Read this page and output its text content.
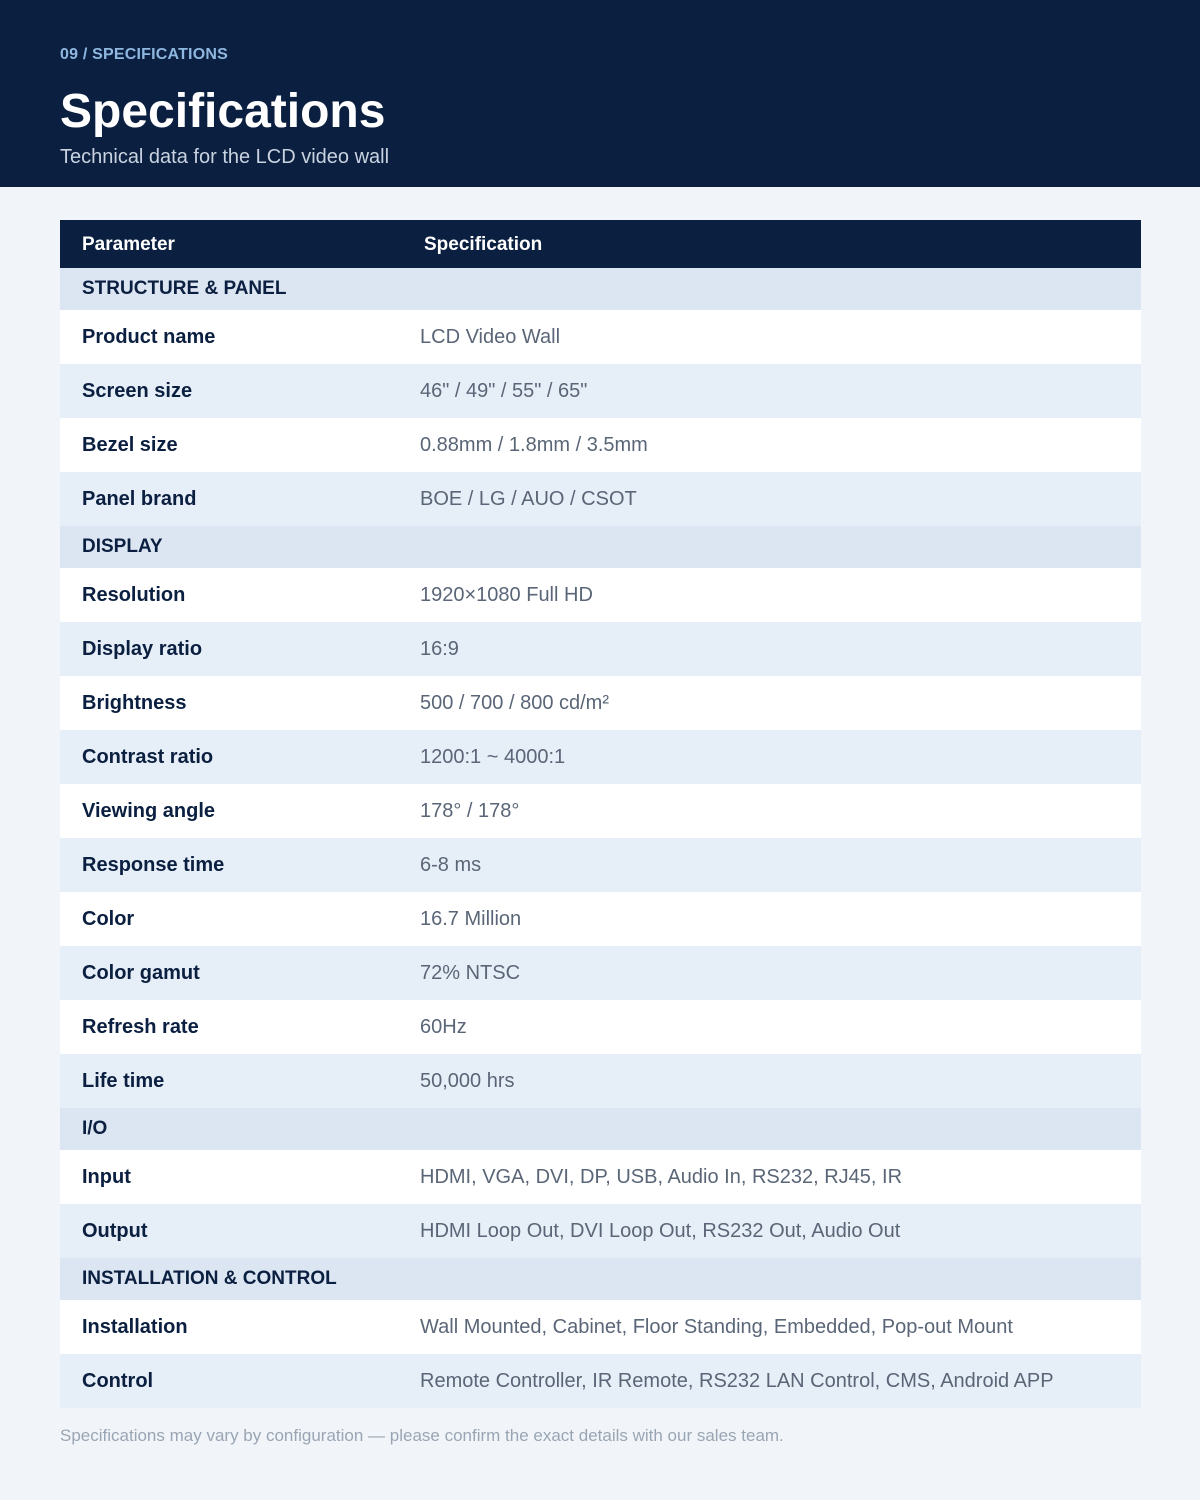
09 / SPECIFICATIONS
Specifications
Technical data for the LCD video wall
Parameter	Specification
STRUCTURE & PANEL
Product name	LCD Video Wall
Screen size	46" / 49" / 55" / 65"
Bezel size	0.88mm / 1.8mm / 3.5mm
Panel brand	BOE / LG / AUO / CSOT
DISPLAY
Resolution	1920×1080 Full HD
Display ratio	16:9
Brightness	500 / 700 / 800 cd/m²
Contrast ratio	1200:1 ~ 4000:1
Viewing angle	178° / 178°
Response time	6-8 ms
Color	16.7 Million
Color gamut	72% NTSC
Refresh rate	60Hz
Life time	50,000 hrs
I/O
Input	HDMI, VGA, DVI, DP, USB, Audio In, RS232, RJ45, IR
Output	HDMI Loop Out, DVI Loop Out, RS232 Out, Audio Out
INSTALLATION & CONTROL
Installation	Wall Mounted, Cabinet, Floor Standing, Embedded, Pop-out Mount
Control	Remote Controller, IR Remote, RS232 LAN Control, CMS, Android APP
Specifications may vary by configuration — please confirm the exact details with our sales team.
